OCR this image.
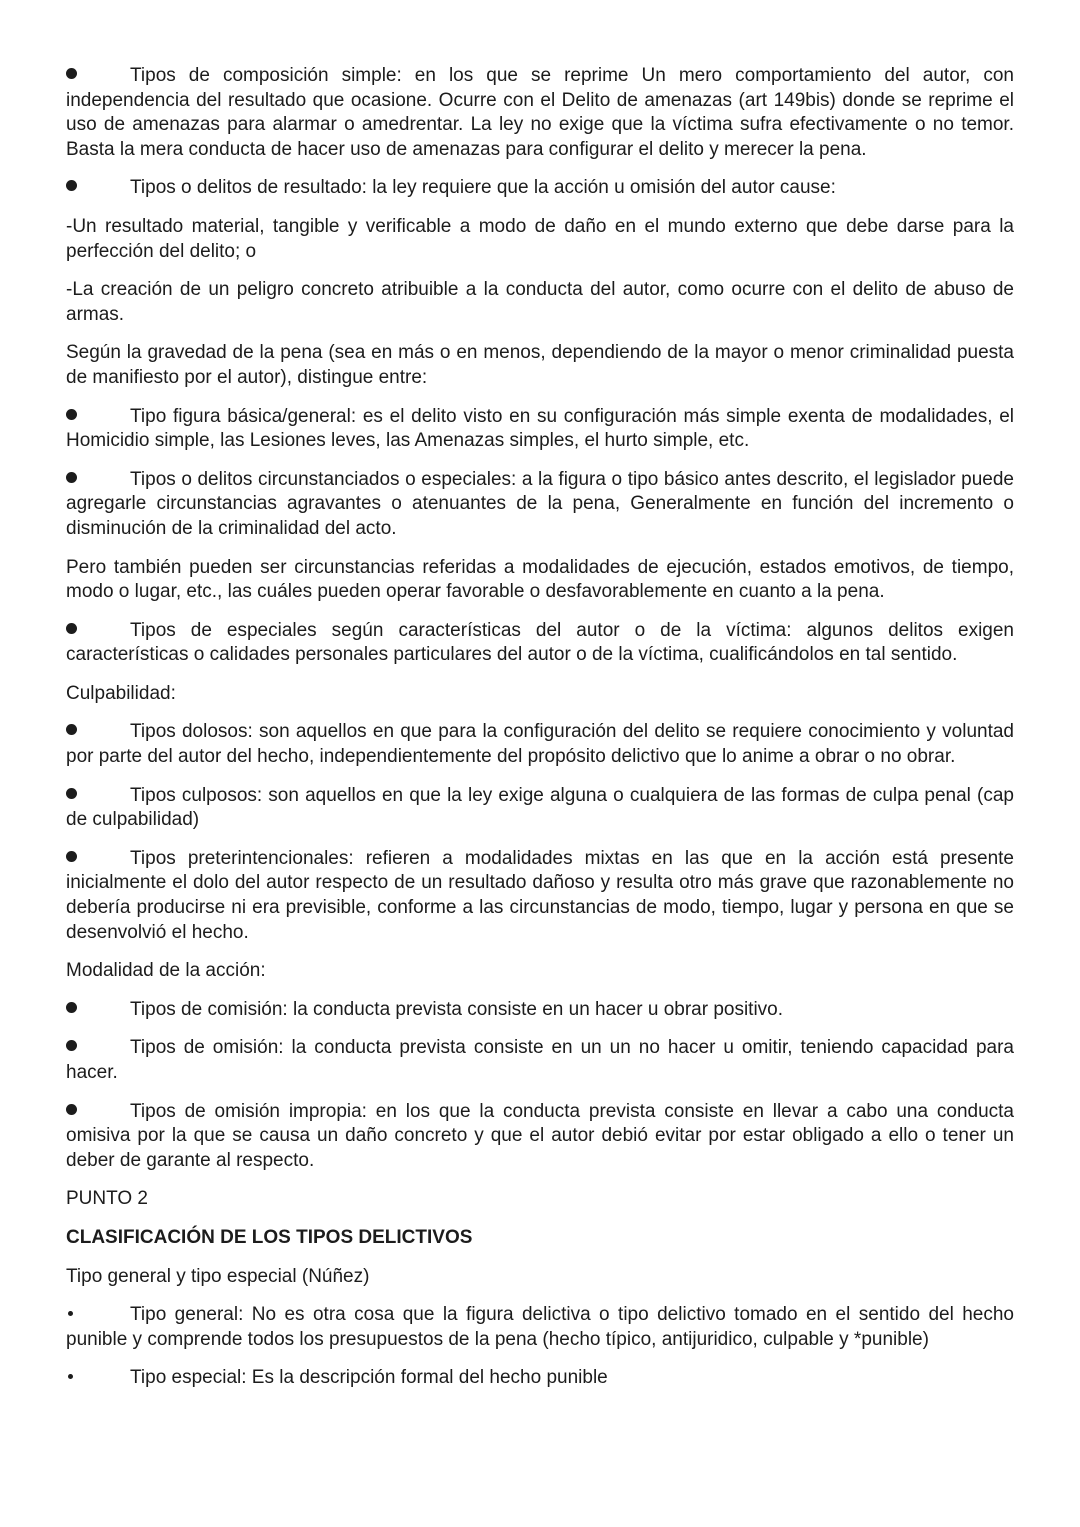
Tipos de composición simple: en los que se reprime Un mero comportamiento del autor, con independencia del resultado que ocasione. Ocurre con el Delito de amenazas (art 149bis) donde se reprime el uso de amenazas para alarmar o amedrentar. La ley no exige que la víctima sufra efectivamente o no temor. Basta la mera conducta de hacer uso de amenazas para configurar el delito y merecer la pena.

Tipos o delitos de resultado: la ley requiere que la acción u omisión del autor cause:

-Un resultado material, tangible y verificable a modo de daño en el mundo externo que debe darse para la perfección del delito; o

-La creación de un peligro concreto atribuible a la conducta del autor, como ocurre con el delito de abuso de armas.

Según la gravedad de la pena (sea en más o en menos, dependiendo de la mayor o menor criminalidad puesta de manifiesto por el autor), distingue entre:

Tipo figura básica/general: es el delito visto en su configuración más simple exenta de modalidades, el Homicidio simple, las Lesiones leves, las Amenazas simples, el hurto simple, etc.

Tipos o delitos circunstanciados o especiales: a la figura o tipo básico antes descrito, el legislador puede agregarle circunstancias agravantes o atenuantes de la pena, Generalmente en función del incremento o disminución de la criminalidad del acto.

Pero también pueden ser circunstancias referidas a modalidades de ejecución, estados emotivos, de tiempo, modo o lugar, etc., las cuáles pueden operar favorable o desfavorablemente en cuanto a la pena.

Tipos de especiales según características del autor o de la víctima: algunos delitos exigen características o calidades personales particulares del autor o de la víctima, cualificándolos en tal sentido.

Culpabilidad:

Tipos dolosos: son aquellos en que para la configuración del delito se requiere conocimiento y voluntad por parte del autor del hecho, independientemente del propósito delictivo que lo anime a obrar o no obrar.

Tipos culposos: son aquellos en que la ley exige alguna o cualquiera de las formas de culpa penal (cap de culpabilidad)

Tipos preterintencionales: refieren a modalidades mixtas en las que en la acción está presente inicialmente el dolo del autor respecto de un resultado dañoso y resulta otro más grave que razonablemente no debería producirse ni era previsible, conforme a las circunstancias de modo, tiempo, lugar y persona en que se desenvolvió el hecho.

Modalidad de la acción:

Tipos de comisión: la conducta prevista consiste en un hacer u obrar positivo.

Tipos de omisión: la conducta prevista consiste en un un no hacer u omitir, teniendo capacidad para hacer.

Tipos de omisión impropia: en los que la conducta prevista consiste en llevar a cabo una conducta omisiva por la que se causa un daño concreto y que el autor debió evitar por estar obligado a ello o tener un deber de garante al respecto.

PUNTO 2

CLASIFICACIÓN DE LOS TIPOS DELICTIVOS

Tipo general y tipo especial (Núñez)

Tipo general: No es otra cosa que la figura delictiva o tipo delictivo tomado en el sentido del hecho punible y comprende todos los presupuestos de la pena (hecho típico, antijuridico, culpable y *punible)

Tipo especial: Es la descripción formal del hecho punible
